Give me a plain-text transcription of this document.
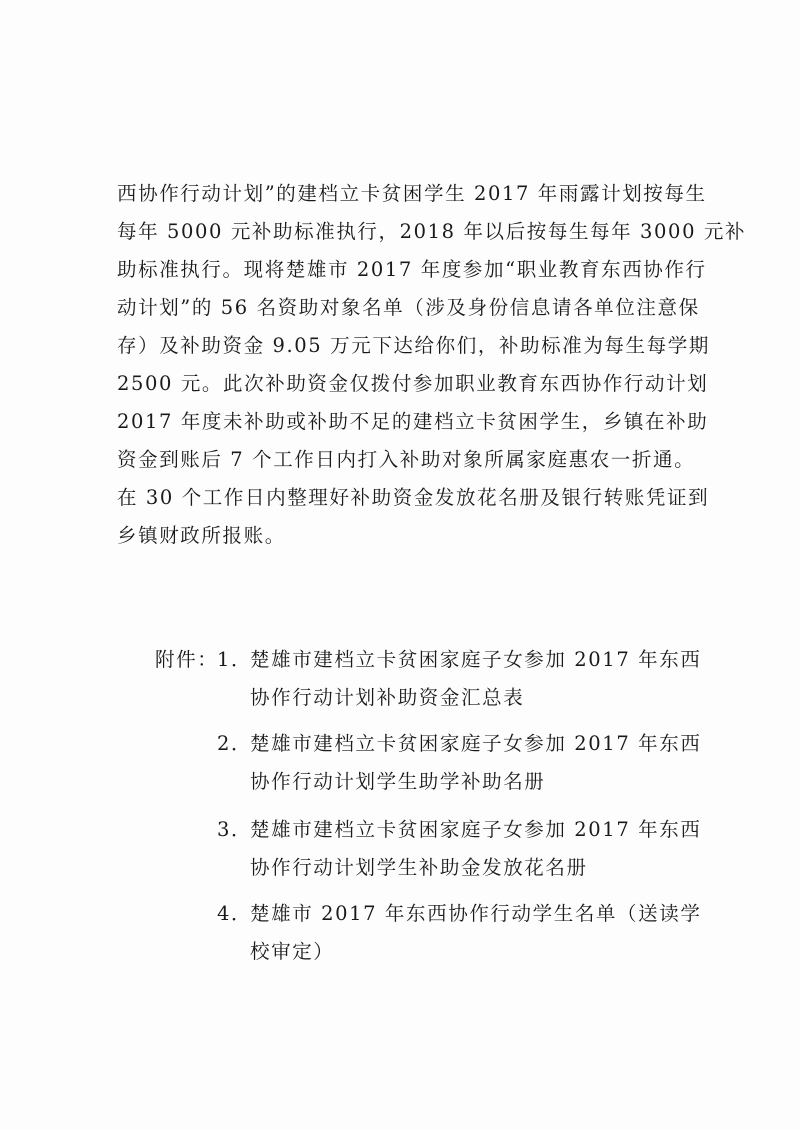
西协作行动计划”的建档立卡贫困学生 2017 年雨露计划按每生
每年 5000 元补助标准执行，2018 年以后按每生每年 3000 元补
助标准执行。现将楚雄市 2017 年度参加“职业教育东西协作行
动计划”的 56 名资助对象名单（涉及身份信息请各单位注意保
存）及补助资金 9.05 万元下达给你们，补助标准为每生每学期
2500 元。此次补助资金仅拨付参加职业教育东西协作行动计划
2017 年度未补助或补助不足的建档立卡贫困学生，乡镇在补助
资金到账后 7 个工作日内打入补助对象所属家庭惠农一折通。
在 30 个工作日内整理好补助资金发放花名册及银行转账凭证到
乡镇财政所报账。
附件：
1．
楚雄市建档立卡贫困家庭子女参加 2017 年东西
协作行动计划补助资金汇总表
2．
楚雄市建档立卡贫困家庭子女参加 2017 年东西
协作行动计划学生助学补助名册
3．
楚雄市建档立卡贫困家庭子女参加 2017 年东西
协作行动计划学生补助金发放花名册
4．
楚雄市 2017 年东西协作行动学生名单（送读学
校审定）
